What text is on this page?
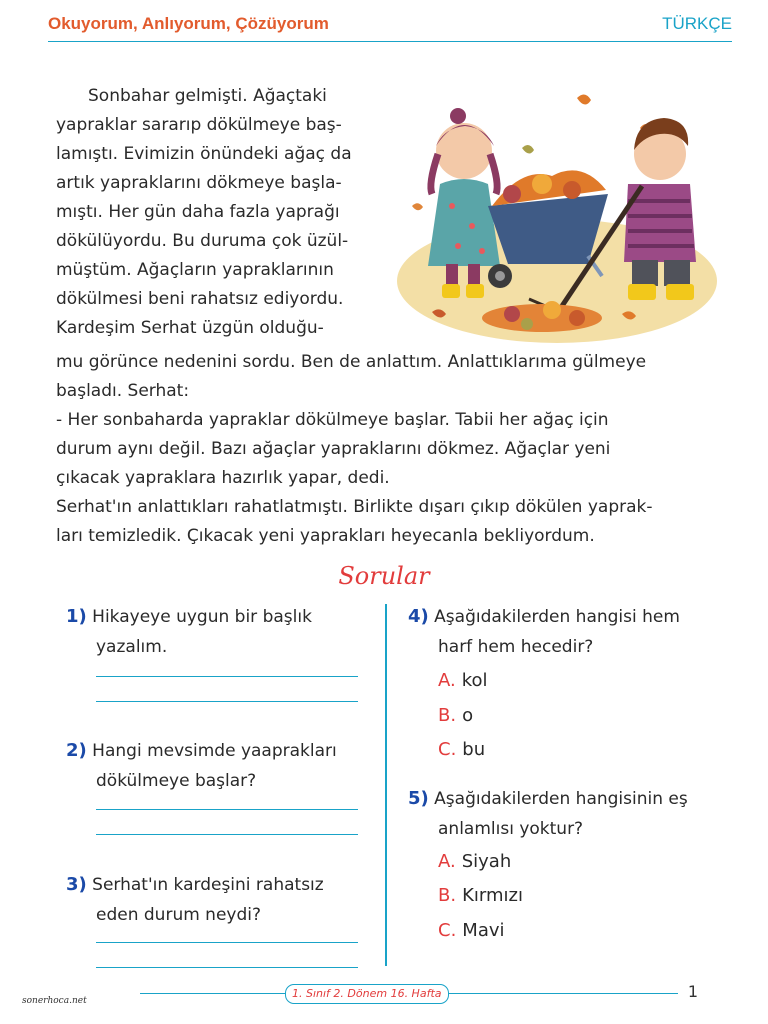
Okuyorum, Anlıyorum, Çözüyorum	TÜRKÇE
Sonbahar gelmişti. Ağaçtaki
yapraklar sararıp dökülmeye baş-
lamıştı. Evimizin önündeki ağaç da
artık yapraklarını dökmeye başla-
mıştı. Her gün daha fazla yaprağı
dökülüyordu. Bu duruma çok üzül-
müştüm. Ağaçların yapraklarının
dökülmesi beni rahatsız ediyordu.
Kardeşim Serhat üzgün olduğu-
mu görünce nedenini sordu. Ben de anlattım. Anlattıklarıma gülmeye
başladı. Serhat:
- Her sonbaharda yapraklar dökülmeye başlar. Tabii her ağaç için
durum aynı değil. Bazı ağaçlar yapraklarını dökmez. Ağaçlar yeni
çıkacak yapraklara hazırlık yapar, dedi.
Serhat'ın anlattıkları rahatlatmıştı. Birlikte dışarı çıkıp dökülen yaprak-
ları temizledik. Çıkacak yeni yaprakları heyecanla bekliyordum.
Sorular
1) Hikayeye uygun bir başlık
yazalım.
2) Hangi mevsimde yaaprakları
dökülmeye başlar?
3) Serhat'ın kardeşini rahatsız
eden durum neydi?
4) Aşağıdakilerden hangisi hem
harf hem hecedir?
A. kol
B. o
C. bu
5) Aşağıdakilerden hangisinin eş
anlamlısı yoktur?
A. Siyah
B. Kırmızı
C. Mavi
sonerhoca.net
1. Sınıf 2. Dönem 16. Hafta	1
